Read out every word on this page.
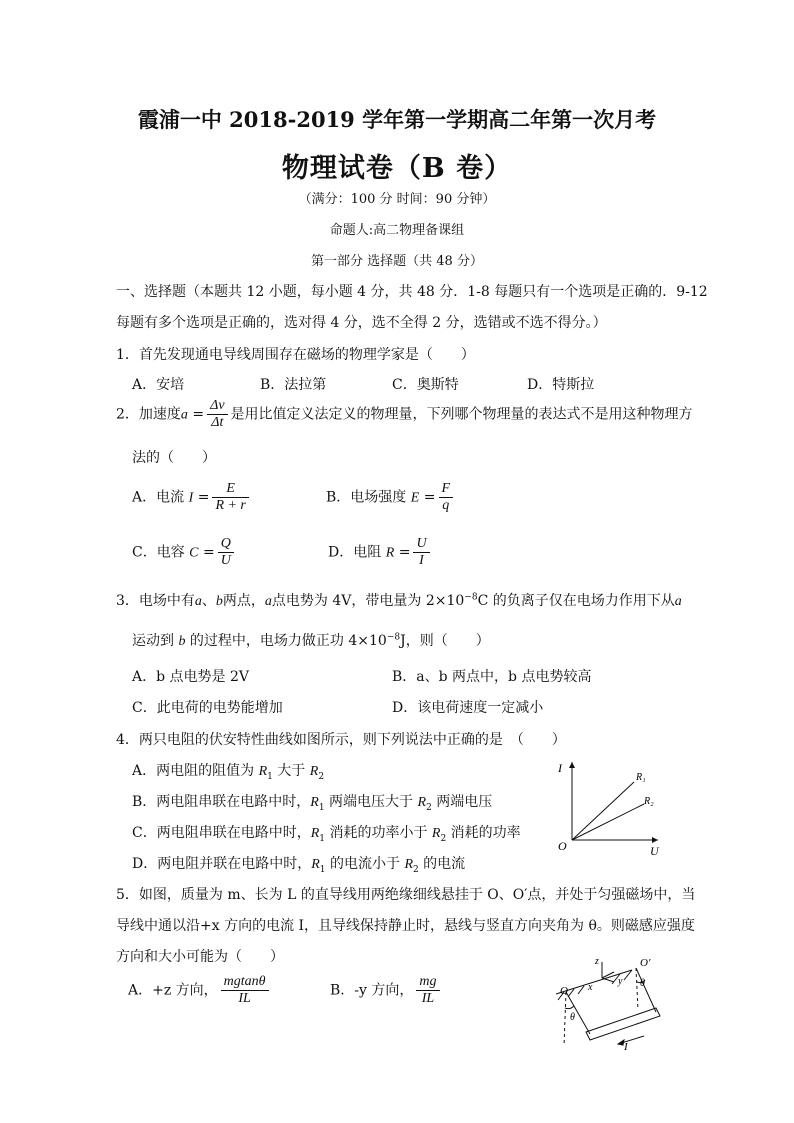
霞浦一中 2018-2019 学年第一学期高二年第一次月考
物理试卷（B 卷）
（满分：100 分 时间：90 分钟）
命题人:高二物理备课组
第一部分 选择题（共 48 分）
一、选择题（本题共 12 小题，每小题 4 分，共 48 分．1-8 每题只有一个选项是正确的．9-12
每题有多个选项是正确的，选对得 4 分，选不全得 2 分，选错或不选不得分。）
1．首先发现通电导线周围存在磁场的物理学家是（　　）
A．安培	B．法拉第	C．奥斯特	D．特斯拉
2．加速度$a = \frac{\Delta v}{\Delta t}$ 是用比值定义法定义的物理量，下列哪个物理量的表达式不是用这种物理方
法的（　　）
A．电流 $I = \frac{E}{R + r}$	B．电场强度 $E = \frac{F}{q}$
C．电容 $C = \frac{Q}{U}$	D．电阻 $R = \frac{U}{I}$
3．电场中有a、b两点，a点电势为 4V，带电量为 $2\times 10^{-8}C$ 的负离子仅在电场力作用下从a
运动到 b 的过程中，电场力做正功 $4\times 10^{-8}J$，则（　　）
A．b 点电势是 2V	B．a、b 两点中，b 点电势较高
C．此电荷的电势能增加	D．该电荷速度一定减小
4．两只电阻的伏安特性曲线如图所示，则下列说法中正确的是　（　　）
A．两电阻的阻值为 $R_1$ 大于 $R_2$
B．两电阻串联在电路中时，$R_1$ 两端电压大于 $R_2$ 两端电压
C．两电阻串联在电路中时，$R_1$ 消耗的功率小于 $R_2$ 消耗的功率
D．两电阻并联在电路中时，$R_1$ 的电流小于 $R_2$ 的电流
I
U
O
R₁
R₂
5．如图，质量为 m、长为 L 的直导线用两绝缘细线悬挂于 O、O′点，并处于匀强磁场中，当
导线中通以沿+x 方向的电流 I，且导线保持静止时，悬线与竖直方向夹角为 θ。则磁感应强度
方向和大小可能为（　　）
A．+z 方向， $\frac{mgtan\theta}{IL}$	B．-y 方向， $\frac{mg}{IL}$	O
O′
z
x
y
θ
θ
I
